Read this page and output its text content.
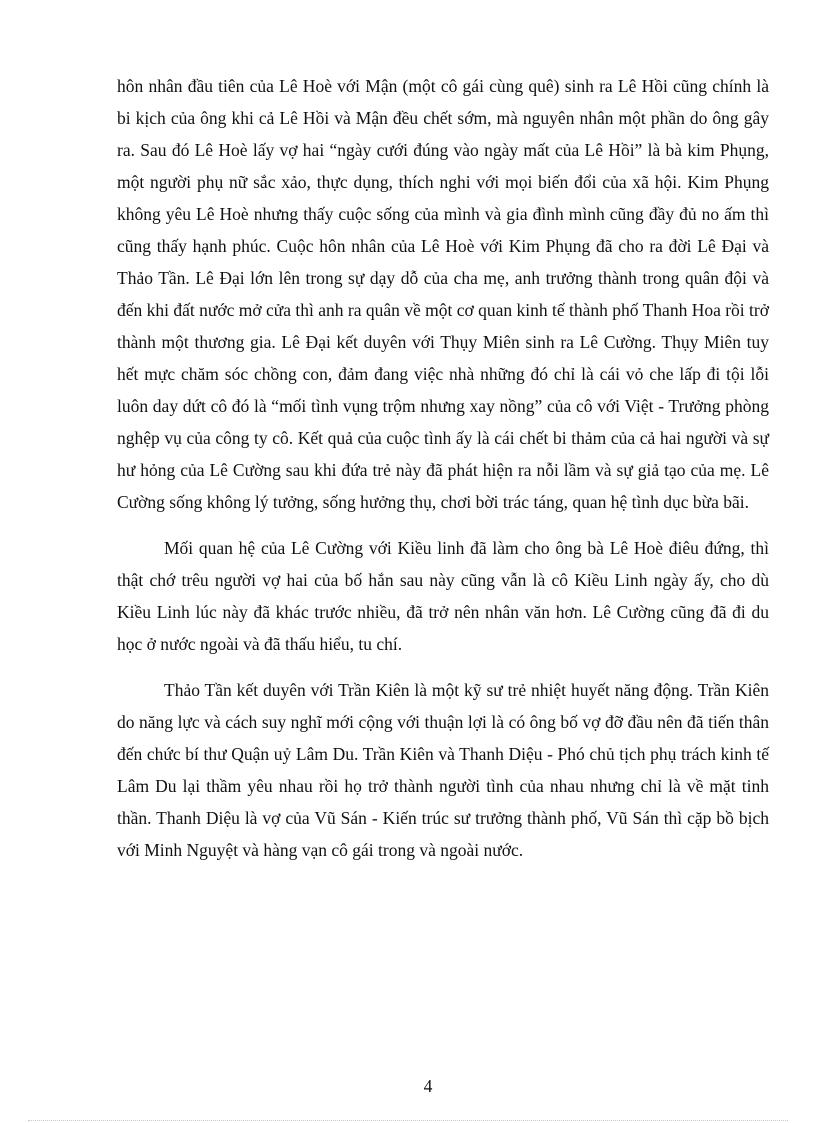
hôn nhân đầu tiên của Lê Hoè với Mận (một cô gái cùng quê) sinh ra Lê Hồi cũng chính là bi kịch của ông khi cả Lê Hồi và Mận đều chết sớm, mà nguyên nhân một phần do ông gây ra. Sau đó Lê Hoè lấy vợ hai “ngày cưới đúng vào ngày mất của Lê Hồi” là bà kim Phụng, một người phụ nữ sắc xảo, thực dụng, thích nghi với mọi biến đổi của xã hội. Kim Phụng không yêu Lê Hoè nhưng thấy cuộc sống của mình và gia đình mình cũng đầy đủ no ấm thì cũng thấy hạnh phúc. Cuộc hôn nhân của Lê Hoè với Kim Phụng đã cho ra đời Lê Đại và Thảo Tần. Lê Đại lớn lên trong sự dạy dỗ của cha mẹ, anh trưởng thành trong quân đội và đến khi đất nước mở cửa thì anh ra quân về một cơ quan kinh tế thành phố Thanh Hoa rồi trở thành một thương gia. Lê Đại kết duyên với Thụy Miên sinh ra Lê Cường. Thụy Miên tuy hết mực chăm sóc chồng con, đảm đang việc nhà những đó chỉ là cái vỏ che lấp đi tội lỗi luôn day dứt cô đó là “mối tình vụng trộm nhưng xay nồng” của cô với Việt - Trưởng phòng nghệp vụ của công ty cô. Kết quả của cuộc tình ấy là cái chết bi thảm của cả hai người và sự hư hỏng của Lê Cường sau khi đứa trẻ này đã phát hiện ra nỗi lầm và sự giả tạo của mẹ. Lê Cường sống không lý tưởng, sống hưởng thụ, chơi bời trác táng, quan hệ tình dục bừa bãi.

Mối quan hệ của Lê Cường với Kiều linh đã làm cho ông bà Lê Hoè điêu đứng, thì thật chớ trêu người vợ hai của bố hắn sau này cũng vẫn là cô Kiều Linh ngày ấy, cho dù Kiều Linh lúc này đã khác trước nhiều, đã trở nên nhân văn hơn. Lê Cường cũng đã đi du học ở nước ngoài và đã thấu hiểu, tu chí.

Thảo Tần kết duyên với Trần Kiên là một kỹ sư trẻ nhiệt huyết năng động. Trần Kiên do năng lực và cách suy nghĩ mới cộng với thuận lợi là có ông bố vợ đỡ đầu nên đã tiến thân đến chức bí thư Quận uỷ Lâm Du. Trần Kiên và Thanh Diệu - Phó chủ tịch phụ trách kinh tế Lâm Du lại thầm yêu nhau rồi họ trở thành người tình của nhau nhưng chỉ là về mặt tinh thần. Thanh Diệu là vợ của Vũ Sán - Kiến trúc sư trưởng thành phố, Vũ Sán thì cặp bồ bịch với Minh Nguyệt và hàng vạn cô gái trong và ngoài nước.

4
